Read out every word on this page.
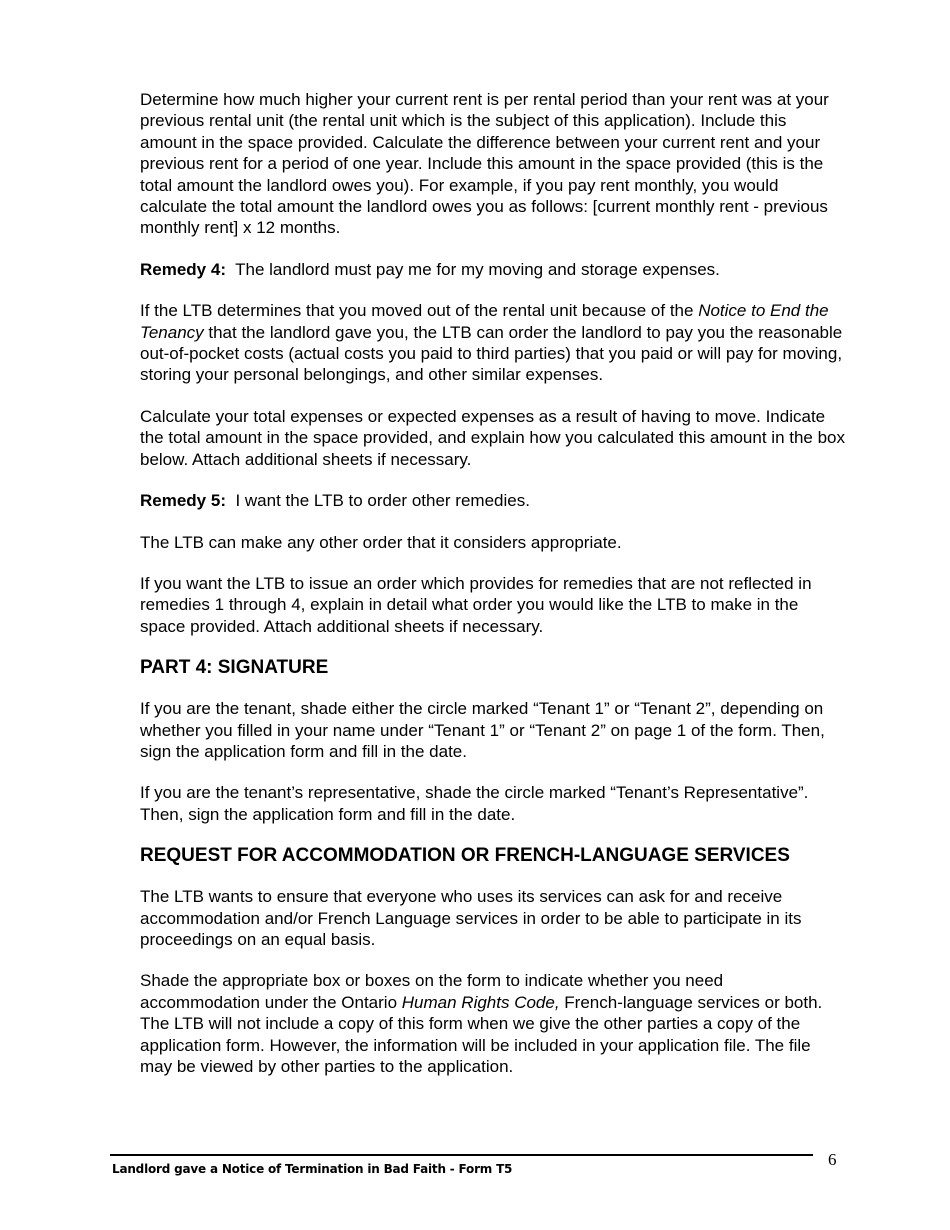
Determine how much higher your current rent is per rental period than your rent was at your previous rental unit (the rental unit which is the subject of this application). Include this amount in the space provided. Calculate the difference between your current rent and your previous rent for a period of one year. Include this amount in the space provided (this is the total amount the landlord owes you). For example, if you pay rent monthly, you would calculate the total amount the landlord owes you as follows: [current monthly rent - previous monthly rent] x 12 months.

Remedy 4: The landlord must pay me for my moving and storage expenses.

If the LTB determines that you moved out of the rental unit because of the Notice to End the Tenancy that the landlord gave you, the LTB can order the landlord to pay you the reasonable out-of-pocket costs (actual costs you paid to third parties) that you paid or will pay for moving, storing your personal belongings, and other similar expenses.

Calculate your total expenses or expected expenses as a result of having to move. Indicate the total amount in the space provided, and explain how you calculated this amount in the box below. Attach additional sheets if necessary.

Remedy 5: I want the LTB to order other remedies.

The LTB can make any other order that it considers appropriate.

If you want the LTB to issue an order which provides for remedies that are not reflected in remedies 1 through 4, explain in detail what order you would like the LTB to make in the space provided. Attach additional sheets if necessary.

PART 4: SIGNATURE

If you are the tenant, shade either the circle marked “Tenant 1” or “Tenant 2”, depending on whether you filled in your name under “Tenant 1” or “Tenant 2” on page 1 of the form. Then, sign the application form and fill in the date.

If you are the tenant’s representative, shade the circle marked “Tenant’s Representative”. Then, sign the application form and fill in the date.

REQUEST FOR ACCOMMODATION OR FRENCH-LANGUAGE SERVICES

The LTB wants to ensure that everyone who uses its services can ask for and receive accommodation and/or French Language services in order to be able to participate in its proceedings on an equal basis.

Shade the appropriate box or boxes on the form to indicate whether you need accommodation under the Ontario Human Rights Code, French-language services or both. The LTB will not include a copy of this form when we give the other parties a copy of the application form. However, the information will be included in your application file. The file may be viewed by other parties to the application.

Landlord gave a Notice of Termination in Bad Faith - Form T5	6
